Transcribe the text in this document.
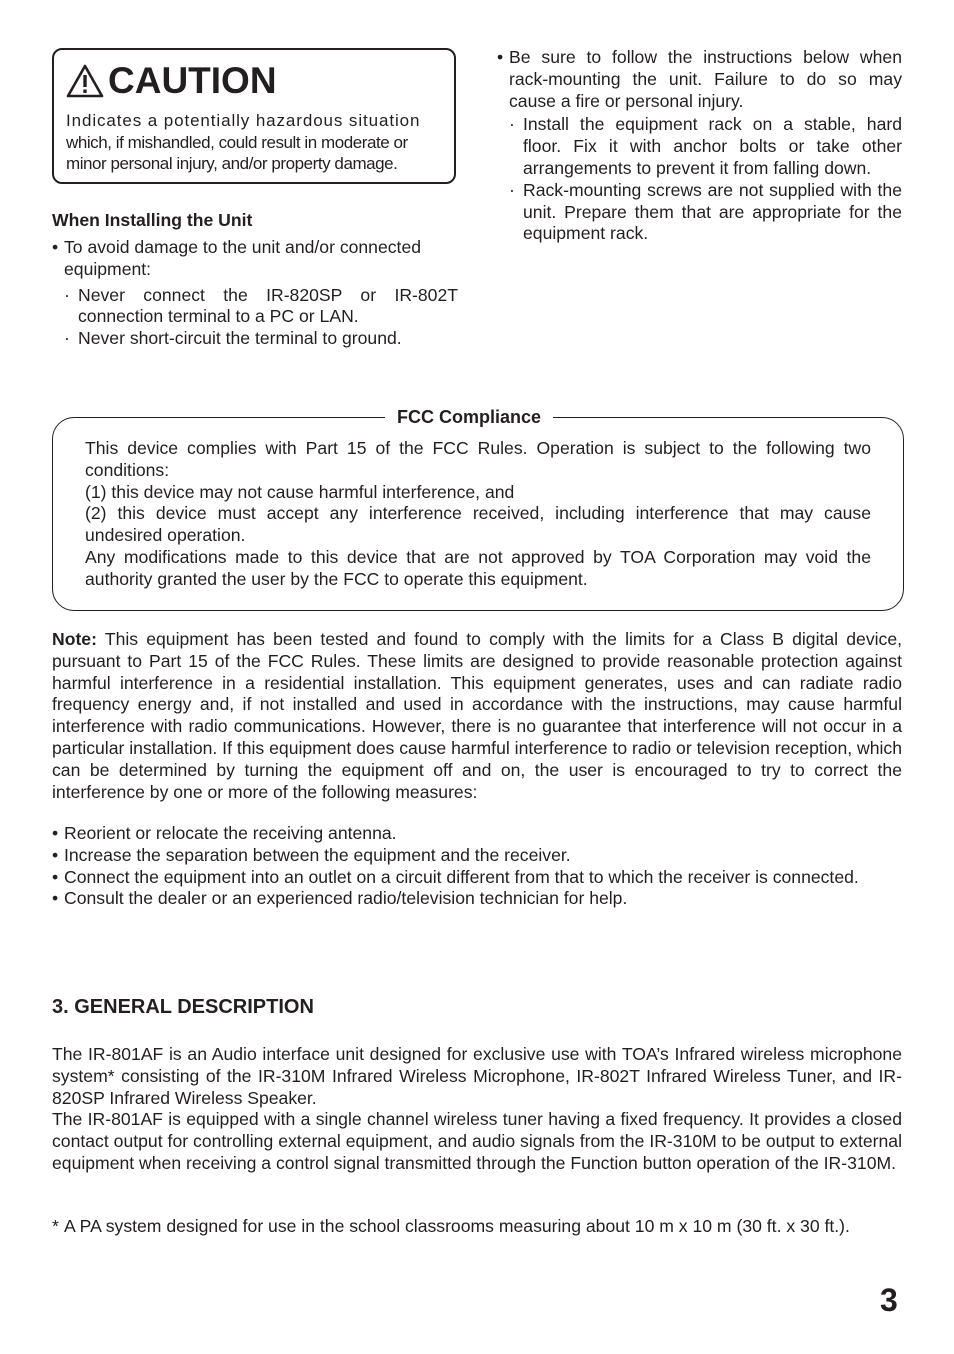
CAUTION
Indicates a potentially hazardous situation
which, if mishandled, could result in moderate or
minor personal injury, and/or property damage.
When Installing the Unit
• To avoid damage to the unit and/or connected equipment:
· Never connect the IR-820SP or IR-802T connection terminal to a PC or LAN.
· Never short-circuit the terminal to ground.
• Be sure to follow the instructions below when rack-mounting the unit. Failure to do so may cause a fire or personal injury.
· Install the equipment rack on a stable, hard floor. Fix it with anchor bolts or take other arrangements to prevent it from falling down.
· Rack-mounting screws are not supplied with the unit. Prepare them that are appropriate for the equipment rack.
FCC Compliance
This device complies with Part 15 of the FCC Rules. Operation is subject to the following two conditions:
(1) this device may not cause harmful interference, and
(2) this device must accept any interference received, including interference that may cause undesired operation.
Any modifications made to this device that are not approved by TOA Corporation may void the authority granted the user by the FCC to operate this equipment.
Note: This equipment has been tested and found to comply with the limits for a Class B digital device, pursuant to Part 15 of the FCC Rules. These limits are designed to provide reasonable protection against harmful interference in a residential installation. This equipment generates, uses and can radiate radio frequency energy and, if not installed and used in accordance with the instructions, may cause harmful interference with radio communications. However, there is no guarantee that interference will not occur in a particular installation. If this equipment does cause harmful interference to radio or television reception, which can be determined by turning the equipment off and on, the user is encouraged to try to correct the interference by one or more of the following measures:
• Reorient or relocate the receiving antenna.
• Increase the separation between the equipment and the receiver.
• Connect the equipment into an outlet on a circuit different from that to which the receiver is connected.
• Consult the dealer or an experienced radio/television technician for help.
3. GENERAL DESCRIPTION
The IR-801AF is an Audio interface unit designed for exclusive use with TOA’s Infrared wireless microphone system* consisting of the IR-310M Infrared Wireless Microphone, IR-802T Infrared Wireless Tuner, and IR-820SP Infrared Wireless Speaker.
The IR-801AF is equipped with a single channel wireless tuner having a fixed frequency. It provides a closed contact output for controlling external equipment, and audio signals from the IR-310M to be output to external equipment when receiving a control signal transmitted through the Function button operation of the IR-310M.
* A PA system designed for use in the school classrooms measuring about 10 m x 10 m (30 ft. x 30 ft.).
3
